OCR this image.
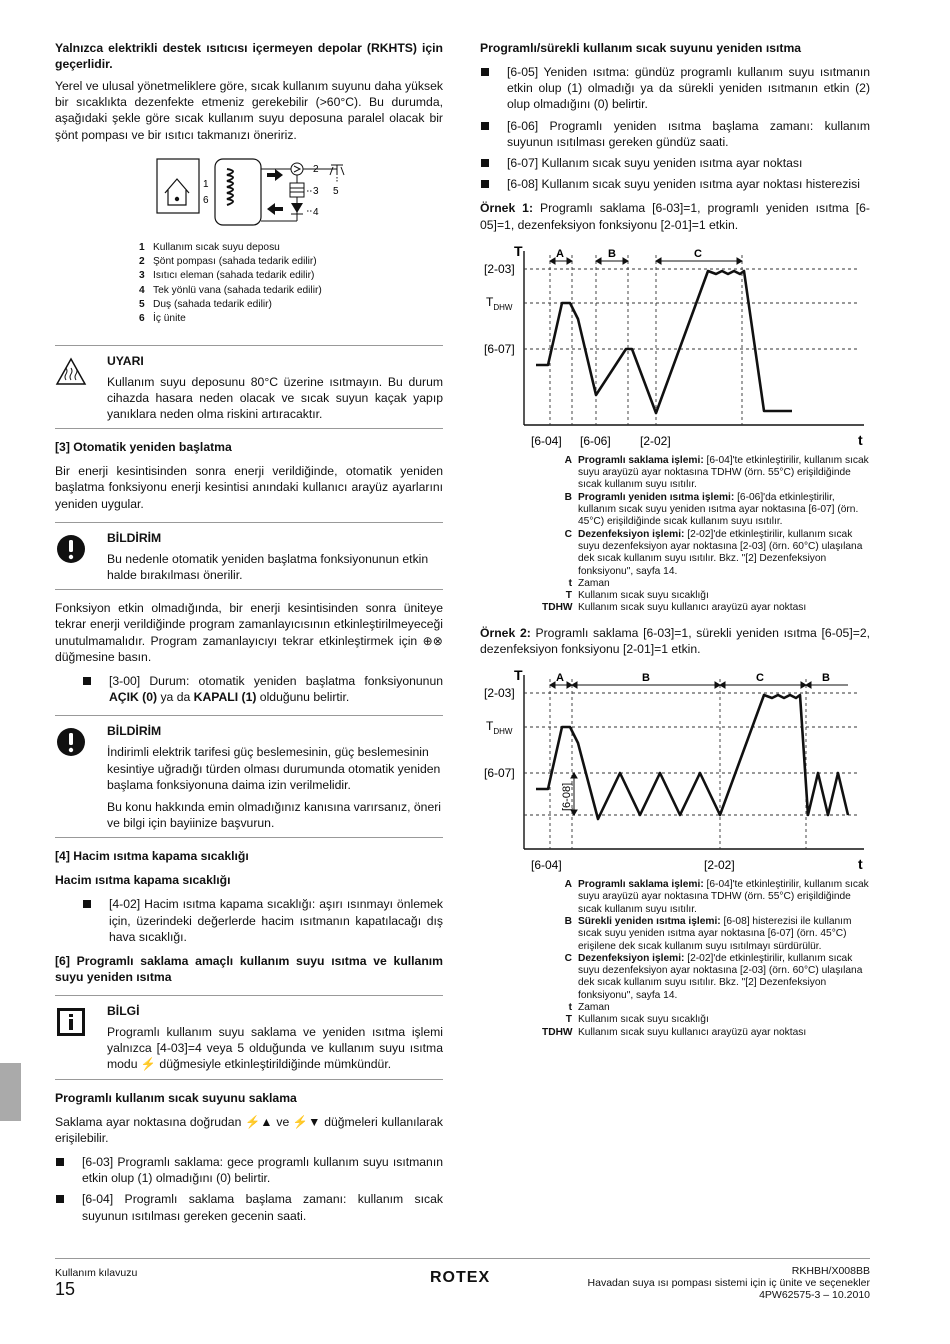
Yalnızca elektrikli destek ısıtıcısı içermeyen depolar (RKHTS) için geçerlidir.

Yerel ve ulusal yönetmeliklere göre, sıcak kullanım suyunu daha yüksek bir sıcaklıkta dezenfekte etmeniz gerekebilir (>60°C). Bu durumda, aşağıdaki şekle göre sıcak kullanım suyu deposuna paralel olacak bir şönt pompası ve bir ısıtıcı takmanızı öneririz.

1
6
2
3
4
5
1 Kullanım sıcak suyu deposu
2 Şönt pompası (sahada tedarik edilir)
3 Isıtıcı eleman (sahada tedarik edilir)
4 Tek yönlü vana (sahada tedarik edilir)
5 Duş (sahada tedarik edilir)
6 İç ünite
UYARI

Kullanım suyu deposunu 80°C üzerine ısıtmayın. Bu durum cihazda hasara neden olacak ve sıcak suyun kaçak yapıp yanıklara neden olma riskini artıracaktır.

[3] Otomatik yeniden başlatma

Bir enerji kesintisinden sonra enerji verildiğinde, otomatik yeniden başlatma fonksiyonu enerji kesintisi anındaki kullanıcı arayüz ayarlarını yeniden uygular.

BİLDİRİM

Bu nedenle otomatik yeniden başlatma fonksiyonunun etkin halde bırakılması önerilir.

Fonksiyon etkin olmadığında, bir enerji kesintisinden sonra üniteye tekrar enerji verildiğinde program zamanlayıcısının etkinleştirilmeyeceği unutulmamalıdır. Program zamanlayıcıyı tekrar etkinleştirmek için ⊕⊗ düğmesine basın.

[3-00] Durum: otomatik yeniden başlatma fonksiyonunun AÇIK (0) ya da KAPALI (1) olduğunu belirtir.

BİLDİRİM

İndirimli elektrik tarifesi güç beslemesinin, güç beslemesinin kesintiye uğradığı türden olması durumunda otomatik yeniden başlama fonksiyonuna daima izin verilmelidir.

Bu konu hakkında emin olmadığınız kanısına varırsanız, öneri ve bilgi için bayiinize başvurun.

[4] Hacim ısıtma kapama sıcaklığı

Hacim ısıtma kapama sıcaklığı

[4-02] Hacim ısıtma kapama sıcaklığı: aşırı ısınmayı önlemek için, üzerindeki değerlerde hacim ısıtmanın kapatılacağı dış hava sıcaklığı.

[6] Programlı saklama amaçlı kullanım suyu ısıtma ve kullanım suyu yeniden ısıtma

BİLGİ

Programlı kullanım suyu saklama ve yeniden ısıtma işlemi yalnızca [4-03]=4 veya 5 olduğunda ve kullanım suyu ısıtma modu ⚡ düğmesiyle etkinleştirildiğinde mümkündür.

Programlı kullanım sıcak suyunu saklama

Saklama ayar noktasına doğrudan ⚡▲ ve ⚡▼ düğmeleri kullanılarak erişilebilir.

[6-03] Programlı saklama: gece programlı kullanım suyu ısıtmanın etkin olup (1) olmadığını (0) belirtir.

[6-04] Programlı saklama başlama zamanı: kullanım sıcak suyunun ısıtılması gereken gecenin saati.

Programlı/sürekli kullanım sıcak suyunu yeniden ısıtma

[6-05] Yeniden ısıtma: gündüz programlı kullanım suyu ısıtmanın etkin olup (1) olmadığı ya da sürekli yeniden ısıtmanın etkin (2) olup olmadığını (0) belirtir.

[6-06] Programlı yeniden ısıtma başlama zamanı: kullanım suyunun ısıtılması gereken gündüz saati.

[6-07] Kullanım sıcak suyu yeniden ısıtma ayar noktası

[6-08] Kullanım sıcak suyu yeniden ısıtma ayar noktası histerezisi

Örnek 1: Programlı saklama [6-03]=1, programlı yeniden ısıtma [6-05]=1, dezenfeksiyon fonksiyonu [2-01]=1 etkin.

T
t
A	B	C
[2-03]
$T_{DHW}$
[6-07]
[6-04] [6-06] [2-02]
A Programlı saklama işlemi: [6-04]'te etkinleştirilir, kullanım sıcak suyu arayüzü ayar noktasına TDHW (örn. 55°C) erişildiğinde sıcak kullanım suyu ısıtılır.
B Programlı yeniden ısıtma işlemi: [6-06]'da etkinleştirilir, kullanım sıcak suyu yeniden ısıtma ayar noktasına [6-07] (örn. 45°C) erişildiğinde sıcak kullanım suyu ısıtılır.
C Dezenfeksiyon işlemi: [2-02]'de etkinleştirilir, kullanım sıcak suyu dezenfeksiyon ayar noktasına [2-03] (örn. 60°C) ulaşılana dek sıcak kullanım suyu ısıtılır. Bkz. "[2] Dezenfeksiyon fonksiyonu", sayfa 14.
t Zaman
T Kullanım sıcak suyu sıcaklığı
TDHW Kullanım sıcak suyu kullanıcı arayüzü ayar noktası

Örnek 2: Programlı saklama [6-03]=1, sürekli yeniden ısıtma [6-05]=2, dezenfeksiyon fonksiyonu [2-01]=1 etkin.

T
t
A	B	C	B
[2-03]
$T_{DHW}$
[6-07]
[6-08]
[6-04]	[2-02]
A Programlı saklama işlemi: [6-04]'te etkinleştirilir, kullanım sıcak suyu arayüzü ayar noktasına TDHW (örn. 55°C) erişildiğinde sıcak kullanım suyu ısıtılır.
B Sürekli yeniden ısıtma işlemi: [6-08] histerezisi ile kullanım sıcak suyu yeniden ısıtma ayar noktasına [6-07] (örn. 45°C) erişilene dek sıcak kullanım suyu ısıtılmayı sürdürülür.
C Dezenfeksiyon işlemi: [2-02]'de etkinleştirilir, kullanım sıcak suyu dezenfeksiyon ayar noktasına [2-03] (örn. 60°C) ulaşılana dek sıcak kullanım suyu ısıtılır. Bkz. "[2] Dezenfeksiyon fonksiyonu", sayfa 14.
t Zaman
T Kullanım sıcak suyu sıcaklığı
TDHW Kullanım sıcak suyu kullanıcı arayüzü ayar noktası
Kullanım kılavuzu
15
ROTEX	RKHBH/X008BB
Havadan suya ısı pompası sistemi için iç ünite ve seçenekler
4PW62575-3 – 10.2010
